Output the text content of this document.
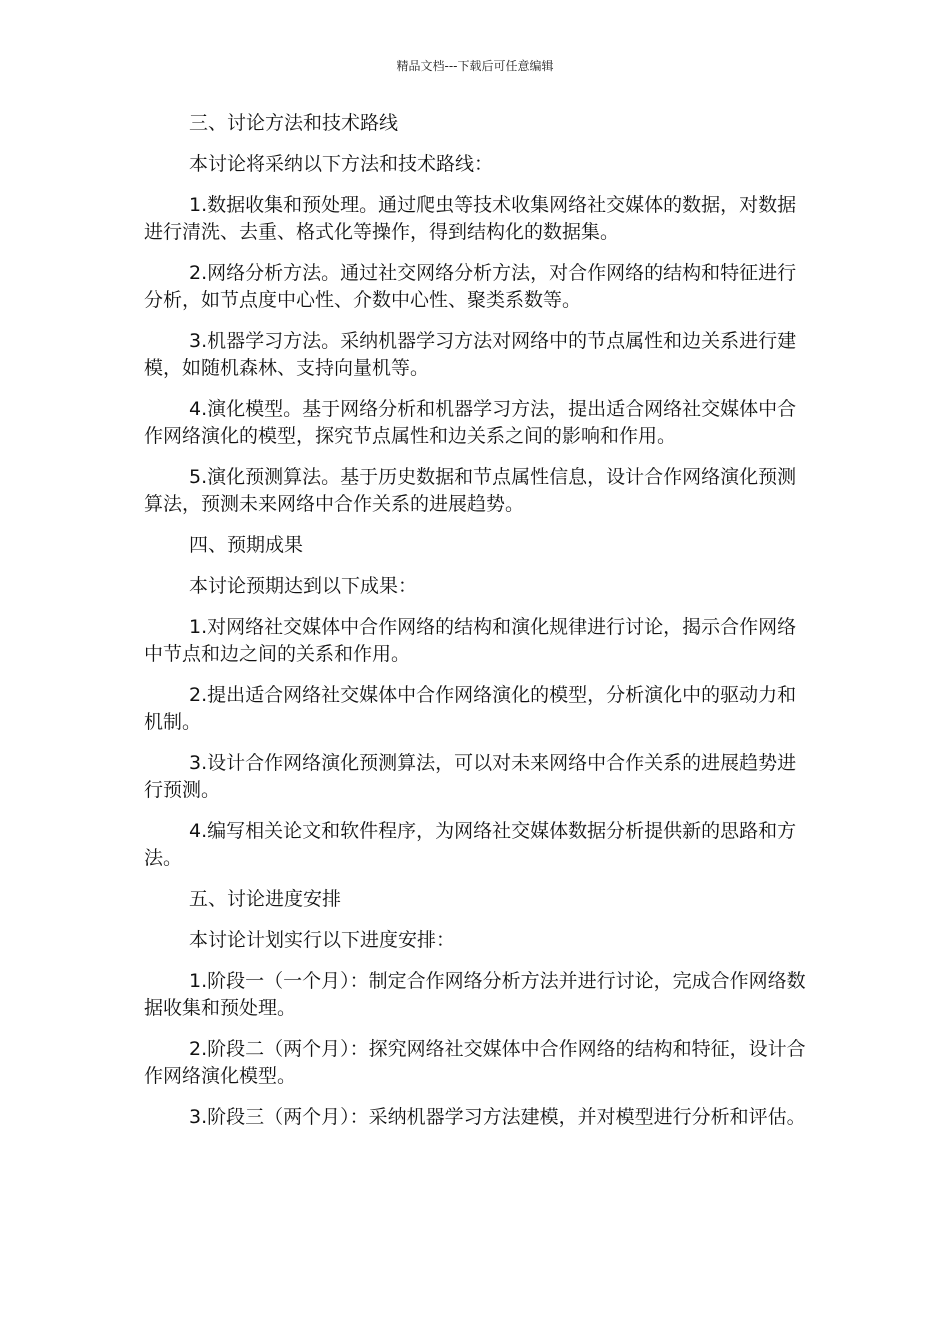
精品文档---下载后可任意编辑

三、讨论方法和技术路线

本讨论将采纳以下方法和技术路线：

1.数据收集和预处理。通过爬虫等技术收集网络社交媒体的数据，对数据进行清洗、去重、格式化等操作，得到结构化的数据集。

2.网络分析方法。通过社交网络分析方法，对合作网络的结构和特征进行分析，如节点度中心性、介数中心性、聚类系数等。

3.机器学习方法。采纳机器学习方法对网络中的节点属性和边关系进行建模，如随机森林、支持向量机等。

4.演化模型。基于网络分析和机器学习方法，提出适合网络社交媒体中合作网络演化的模型，探究节点属性和边关系之间的影响和作用。

5.演化预测算法。基于历史数据和节点属性信息，设计合作网络演化预测算法，预测未来网络中合作关系的进展趋势。

四、预期成果

本讨论预期达到以下成果：

1.对网络社交媒体中合作网络的结构和演化规律进行讨论，揭示合作网络中节点和边之间的关系和作用。

2.提出适合网络社交媒体中合作网络演化的模型，分析演化中的驱动力和机制。

3.设计合作网络演化预测算法，可以对未来网络中合作关系的进展趋势进行预测。

4.编写相关论文和软件程序，为网络社交媒体数据分析提供新的思路和方法。

五、讨论进度安排

本讨论计划实行以下进度安排：

1.阶段一（一个月）：制定合作网络分析方法并进行讨论，完成合作网络数据收集和预处理。

2.阶段二（两个月）：探究网络社交媒体中合作网络的结构和特征，设计合作网络演化模型。

3.阶段三（两个月）：采纳机器学习方法建模，并对模型进行分析和评估。
